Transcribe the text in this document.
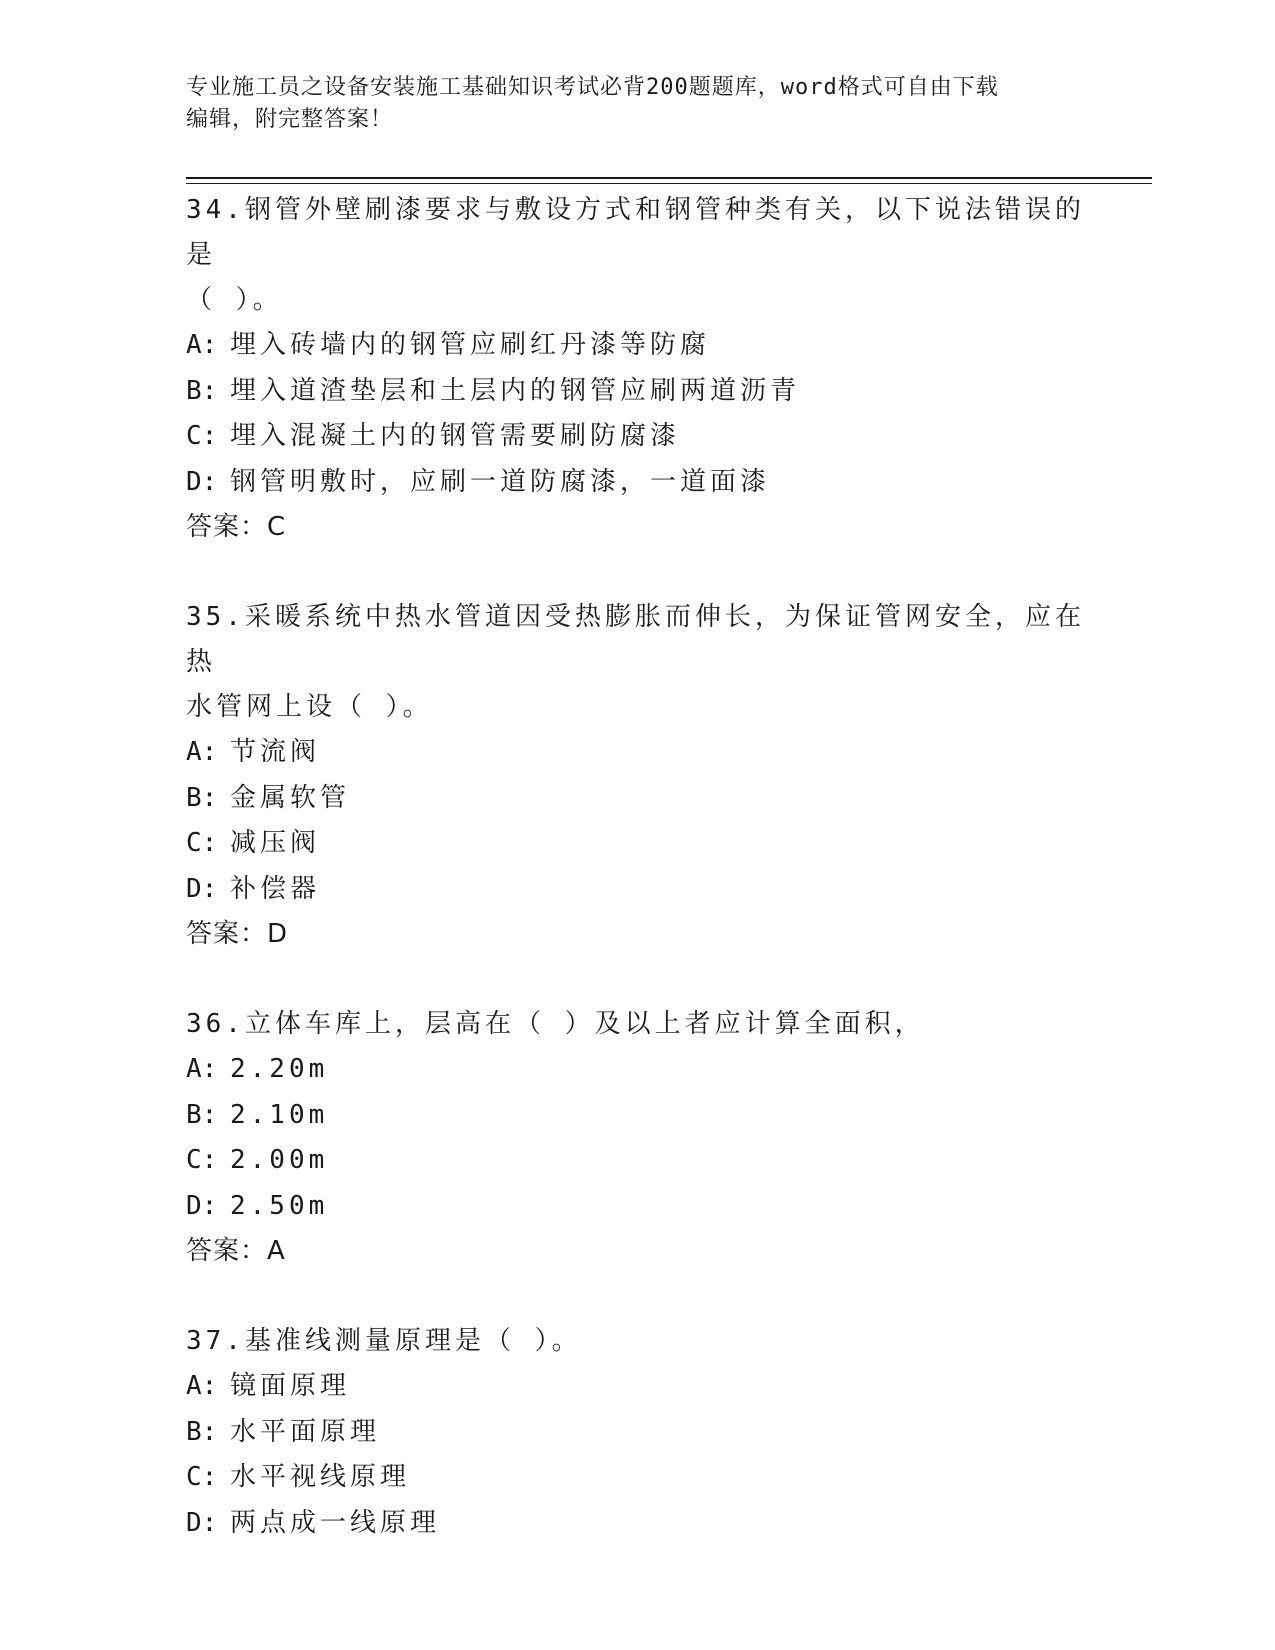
专业施工员之设备安装施工基础知识考试必背200题题库，word格式可自由下载
编辑，附完整答案！

34.钢管外壁刷漆要求与敷设方式和钢管种类有关，以下说法错误的是
（ ）。

A: 埋入砖墙内的钢管应刷红丹漆等防腐

B: 埋入道渣垫层和土层内的钢管应刷两道沥青

C: 埋入混凝土内的钢管需要刷防腐漆

D: 钢管明敷时，应刷一道防腐漆，一道面漆

答案：C

35.采暖系统中热水管道因受热膨胀而伸长，为保证管网安全，应在热
水管网上设（ ）。

A: 节流阀

B: 金属软管

C: 减压阀

D: 补偿器

答案：D

36.立体车库上，层高在（ ）及以上者应计算全面积，

A: 2.20m

B: 2.10m

C: 2.00m

D: 2.50m

答案：A

37.基准线测量原理是（ ）。

A: 镜面原理

B: 水平面原理

C: 水平视线原理

D: 两点成一线原理
